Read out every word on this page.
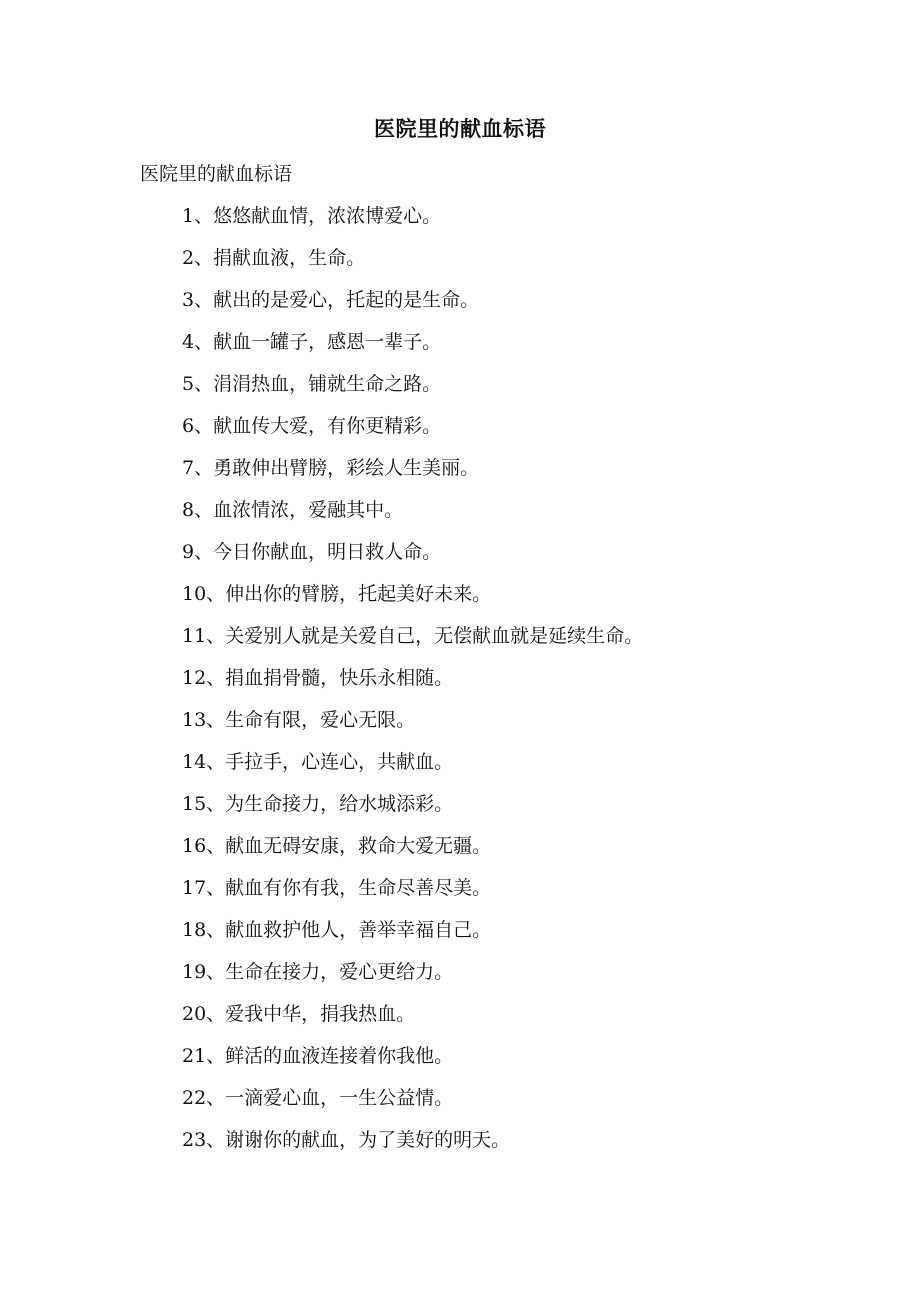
医院里的献血标语
医院里的献血标语
1、悠悠献血情，浓浓博爱心。
2、捐献血液，生命。
3、献出的是爱心，托起的是生命。
4、献血一罐子，感恩一辈子。
5、涓涓热血，铺就生命之路。
6、献血传大爱，有你更精彩。
7、勇敢伸出臂膀，彩绘人生美丽。
8、血浓情浓，爱融其中。
9、今日你献血，明日救人命。
10、伸出你的臂膀，托起美好未来。
11、关爱别人就是关爱自己，无偿献血就是延续生命。
12、捐血捐骨髓，快乐永相随。
13、生命有限，爱心无限。
14、手拉手，心连心，共献血。
15、为生命接力，给水城添彩。
16、献血无碍安康，救命大爱无疆。
17、献血有你有我，生命尽善尽美。
18、献血救护他人，善举幸福自己。
19、生命在接力，爱心更给力。
20、爱我中华，捐我热血。
21、鲜活的血液连接着你我他。
22、一滴爱心血，一生公益情。
23、谢谢你的献血，为了美好的明天。
